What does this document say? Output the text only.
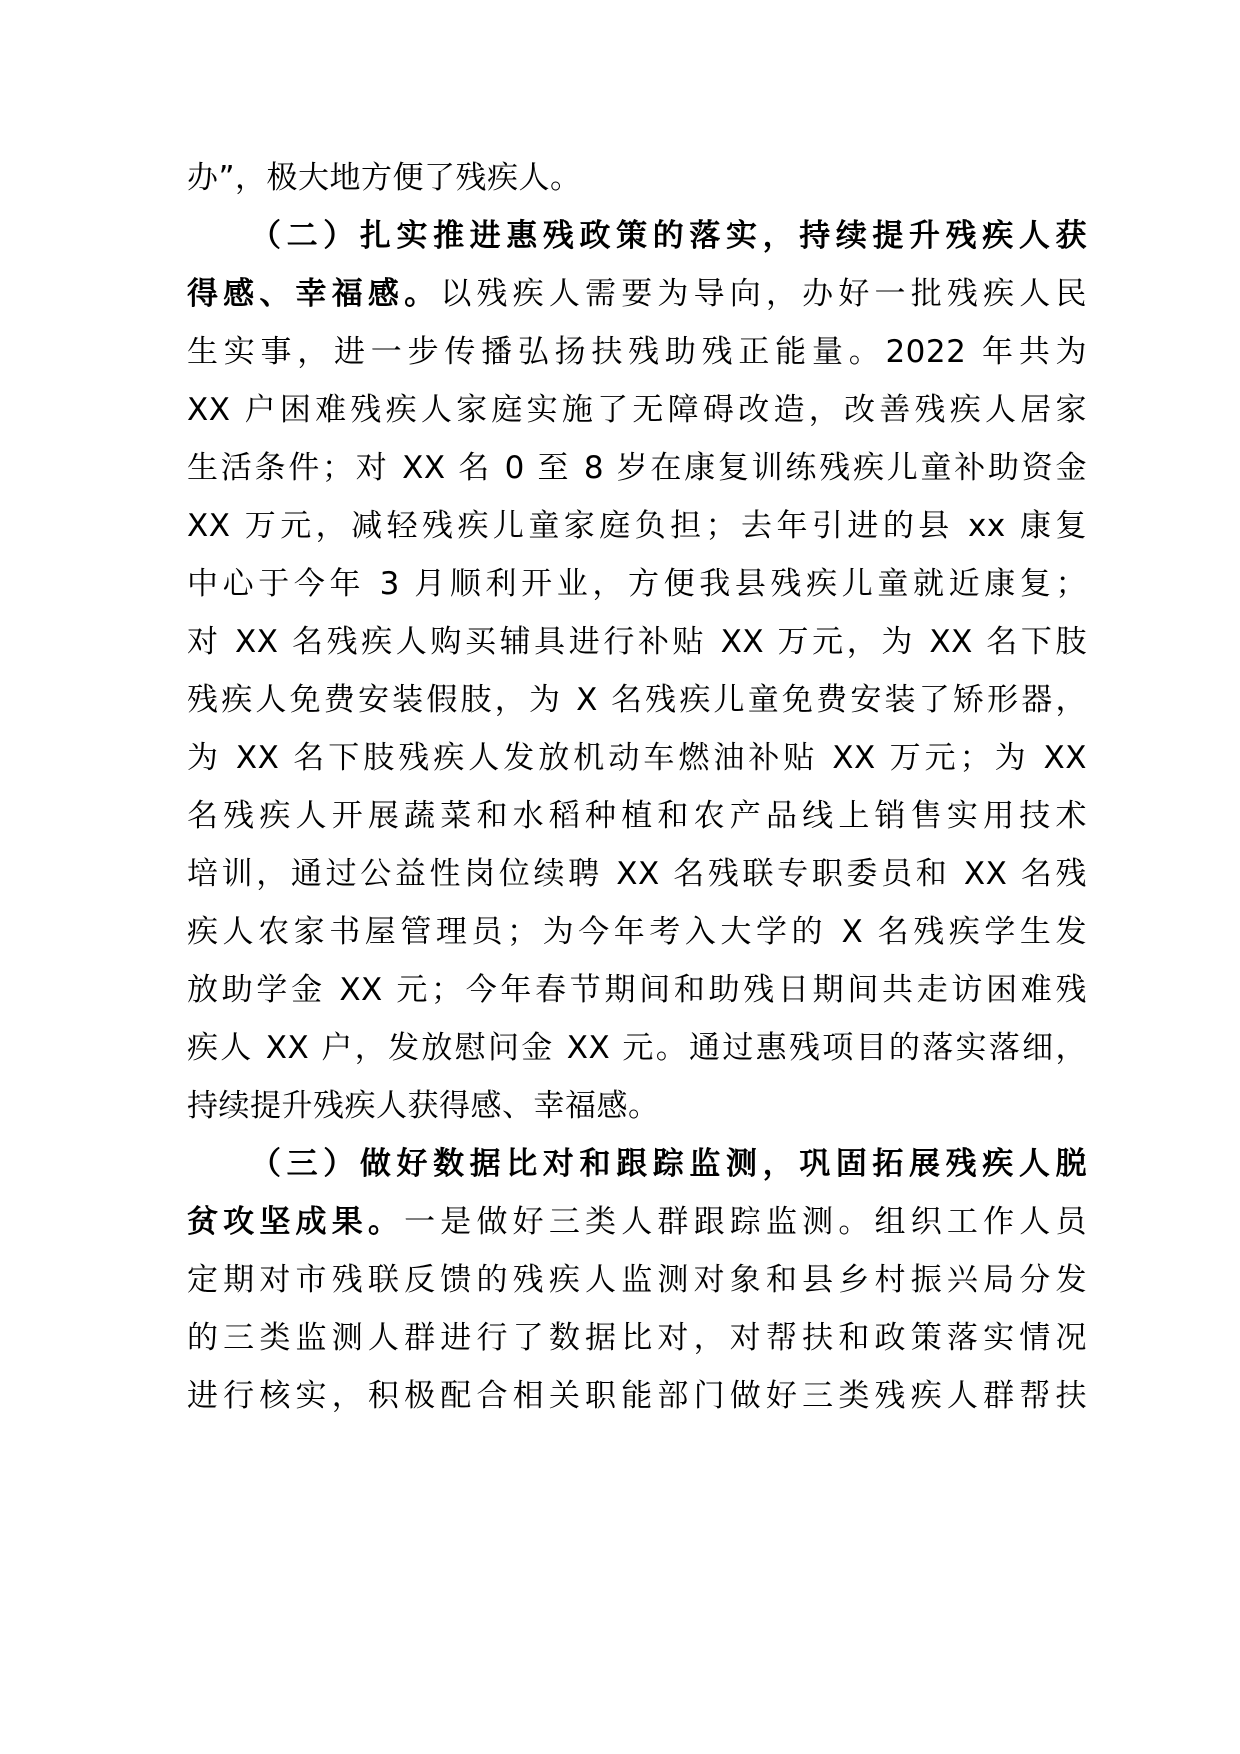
办”，极大地方便了残疾人。
（二）扎实推进惠残政策的落实，持续提升残疾人获
得感、幸福感。以残疾人需要为导向，办好一批残疾人民
生实事，进一步传播弘扬扶残助残正能量。2022 年共为
XX 户困难残疾人家庭实施了无障碍改造，改善残疾人居家
生活条件；对 XX 名 0 至 8 岁在康复训练残疾儿童补助资金
XX 万元，减轻残疾儿童家庭负担；去年引进的县 xx 康复
中心于今年 3 月顺利开业，方便我县残疾儿童就近康复；
对 XX 名残疾人购买辅具进行补贴 XX 万元，为 XX 名下肢
残疾人免费安装假肢，为 X 名残疾儿童免费安装了矫形器，
为 XX 名下肢残疾人发放机动车燃油补贴 XX 万元；为 XX
名残疾人开展蔬菜和水稻种植和农产品线上销售实用技术
培训，通过公益性岗位续聘 XX 名残联专职委员和 XX 名残
疾人农家书屋管理员；为今年考入大学的 X 名残疾学生发
放助学金 XX 元；今年春节期间和助残日期间共走访困难残
疾人 XX 户，发放慰问金 XX 元。通过惠残项目的落实落细，
持续提升残疾人获得感、幸福感。
（三）做好数据比对和跟踪监测，巩固拓展残疾人脱
贫攻坚成果。一是做好三类人群跟踪监测。组织工作人员
定期对市残联反馈的残疾人监测对象和县乡村振兴局分发
的三类监测人群进行了数据比对，对帮扶和政策落实情况
进行核实，积极配合相关职能部门做好三类残疾人群帮扶
